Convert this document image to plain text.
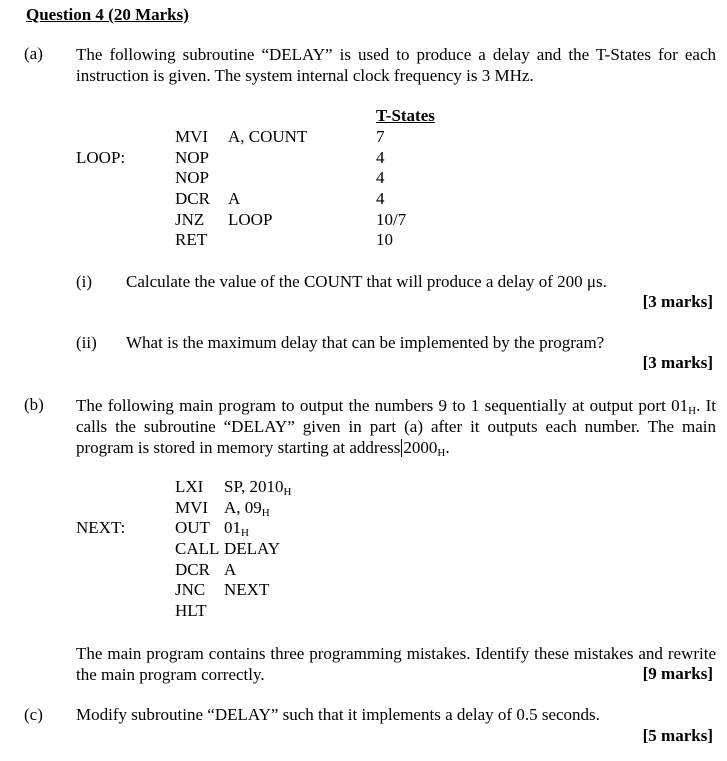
Question 4 (20 Marks)
(a) The following subroutine “DELAY” is used to produce a delay and the T-States for each instruction is given. The system internal clock frequency is 3 MHz.
T-States
LOOP:
MVI A, COUNT	7
NOP	4
NOP	4
DCR A	4
JNZ LOOP	10/7
RET	10
(i) Calculate the value of the COUNT that will produce a delay of 200 μs.
[3 marks]
(ii) What is the maximum delay that can be implemented by the program?
[3 marks]
(b) The following main program to output the numbers 9 to 1 sequentially at output port $01_H$. It calls the subroutine “DELAY” given in part (a) after it outputs each number. The main program is stored in memory starting at address $2000_H$.
NEXT:
LXI SP, $2010_H$
MVI A, $09_H$
OUT $01_H$
CALL DELAY
DCR A
JNC NEXT
HLT
The main program contains three programming mistakes. Identify these mistakes and rewrite the main program correctly.	[9 marks]
(c) Modify subroutine “DELAY” such that it implements a delay of 0.5 seconds.
[5 marks]
